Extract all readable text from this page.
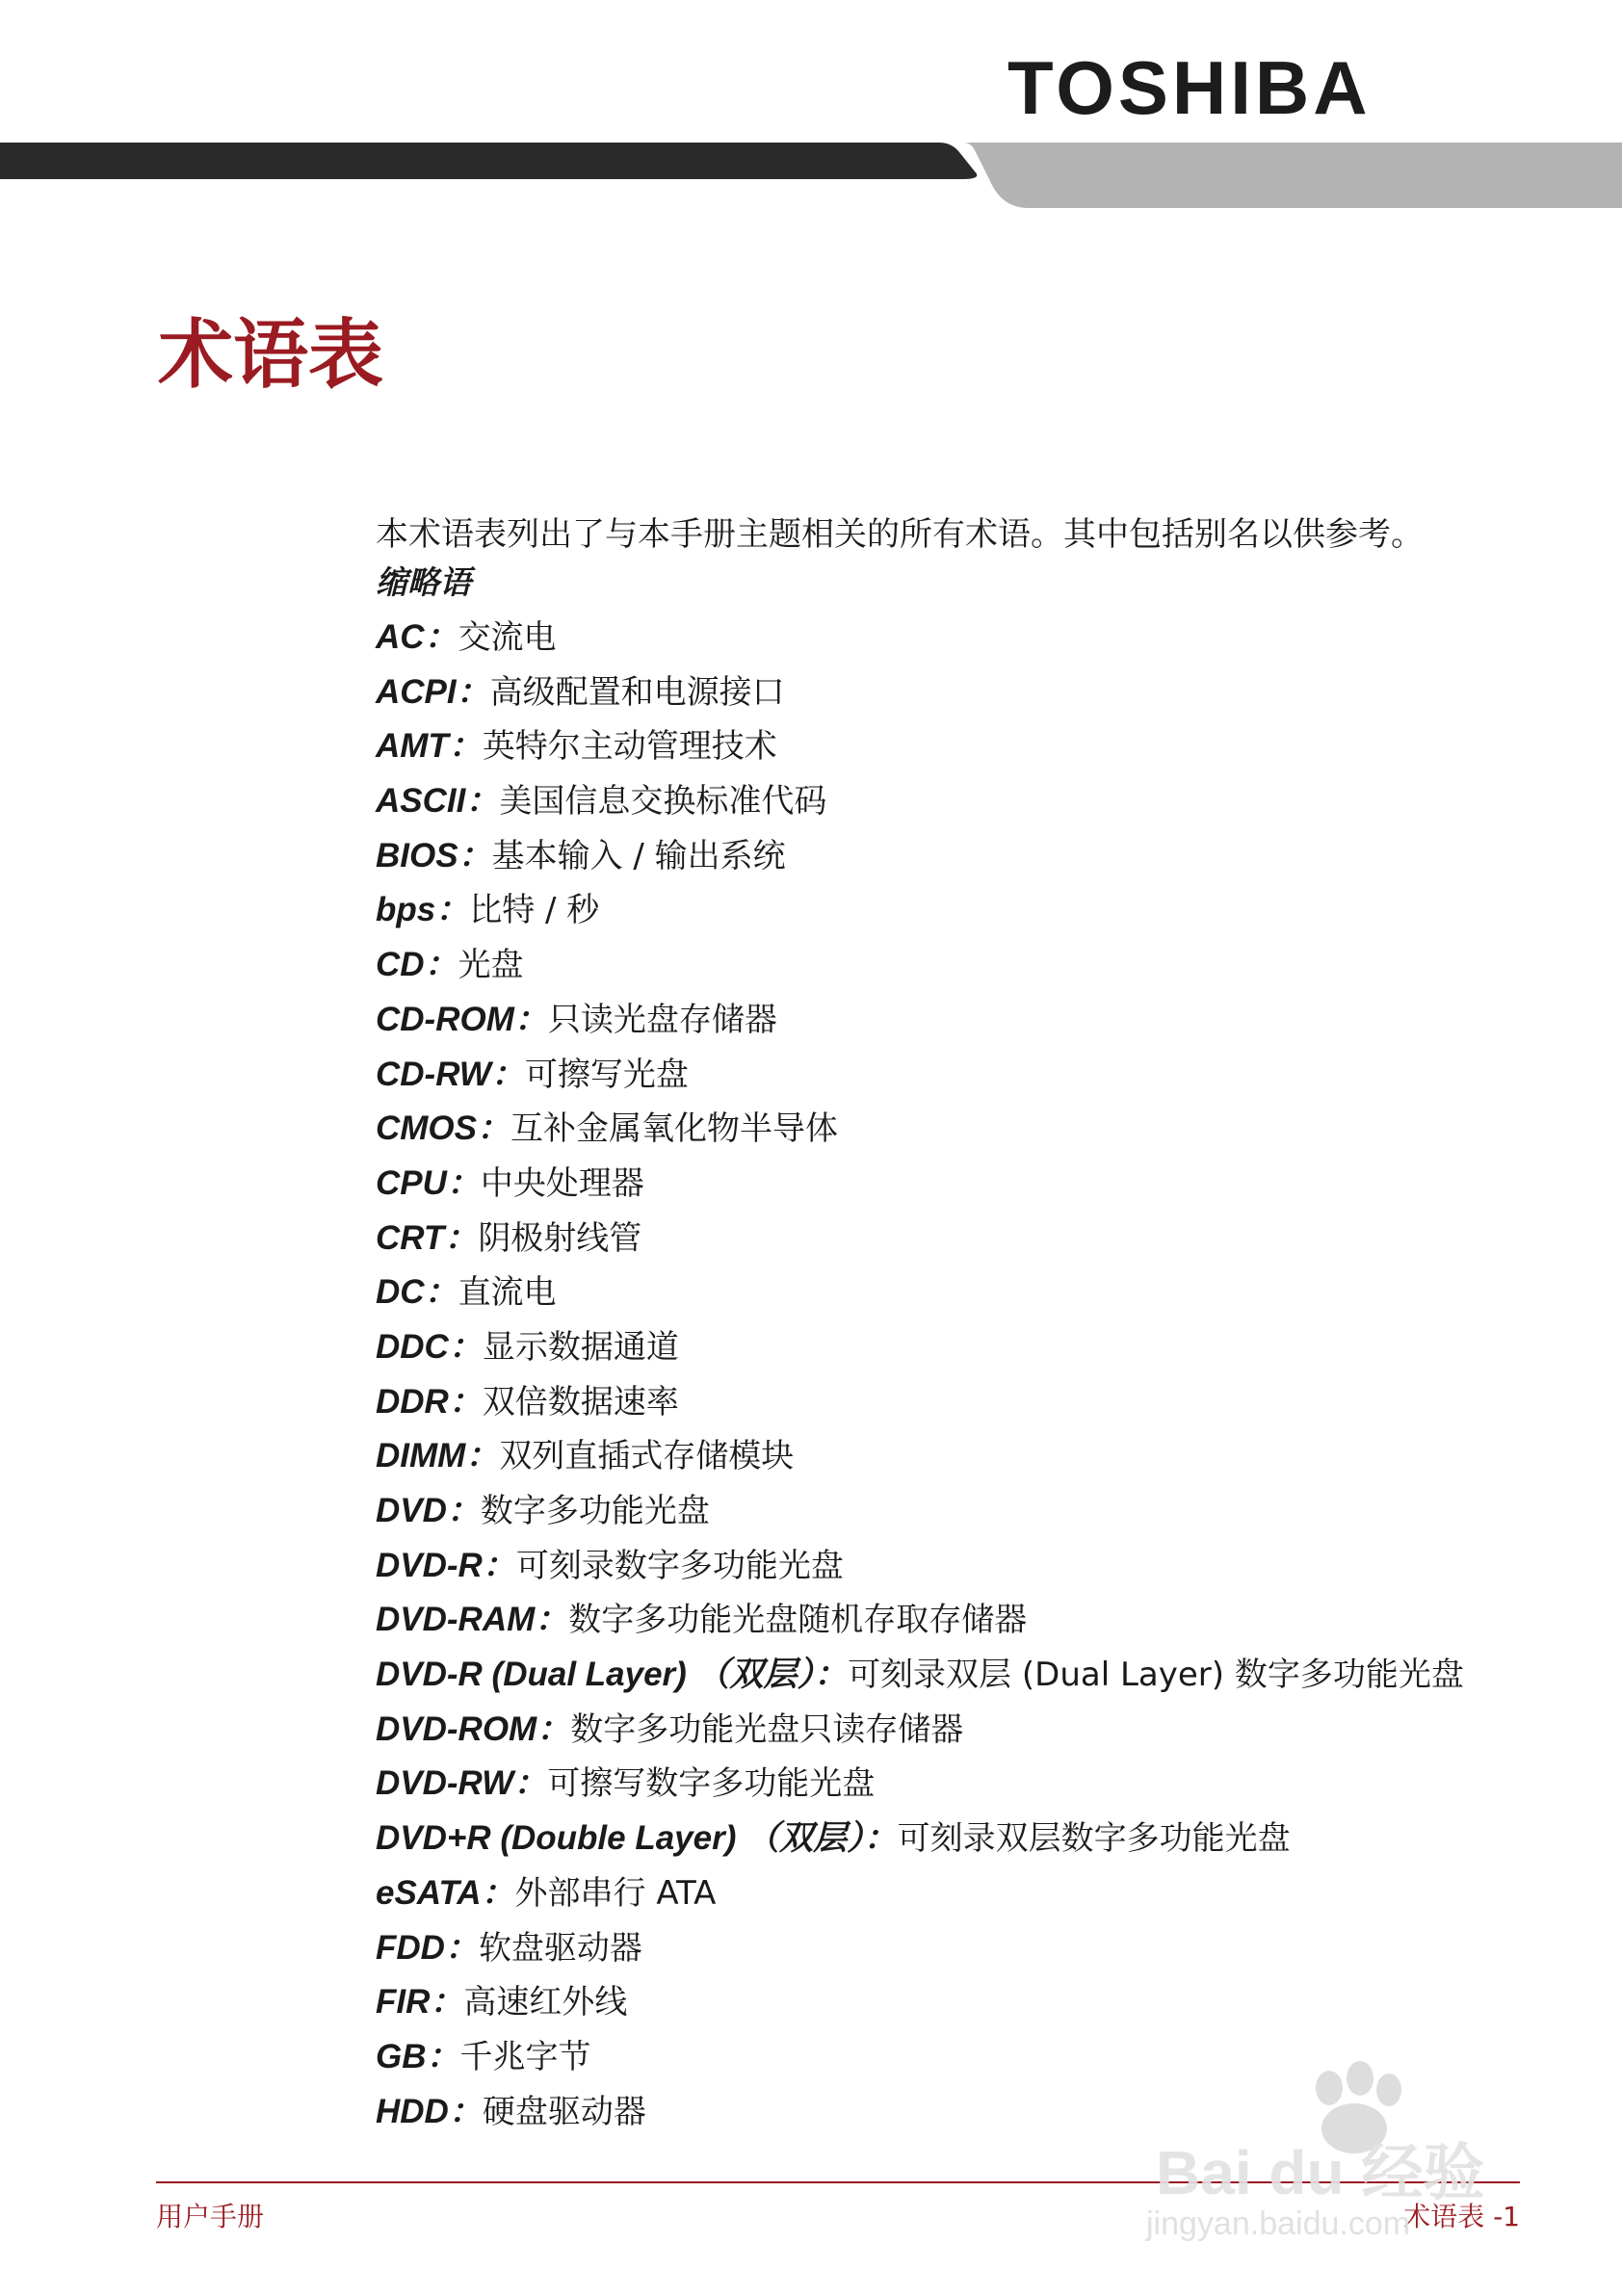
TOSHIBA
术语表
本术语表列出了与本手册主题相关的所有术语。其中包括别名以供参考。
缩略语
AC：交流电
ACPI：高级配置和电源接口
AMT：英特尔主动管理技术
ASCII：美国信息交换标准代码
BIOS：基本输入 / 输出系统
bps：比特 / 秒
CD：光盘
CD-ROM：只读光盘存储器
CD-RW：可擦写光盘
CMOS：互补金属氧化物半导体
CPU：中央处理器
CRT：阴极射线管
DC：直流电
DDC：显示数据通道
DDR：双倍数据速率
DIMM：双列直插式存储模块
DVD：数字多功能光盘
DVD-R：可刻录数字多功能光盘
DVD-RAM：数字多功能光盘随机存取存储器
DVD-R (Dual Layer) （双层）：可刻录双层 (Dual Layer) 数字多功能光盘
DVD-ROM：数字多功能光盘只读存储器
DVD-RW：可擦写数字多功能光盘
DVD+R (Double Layer) （双层）：可刻录双层数字多功能光盘
eSATA：外部串行 ATA
FDD：软盘驱动器
FIR：高速红外线
GB：千兆字节
HDD：硬盘驱动器
用户手册	术语表 -1
Bai du 经验
jingyan.baidu.com
